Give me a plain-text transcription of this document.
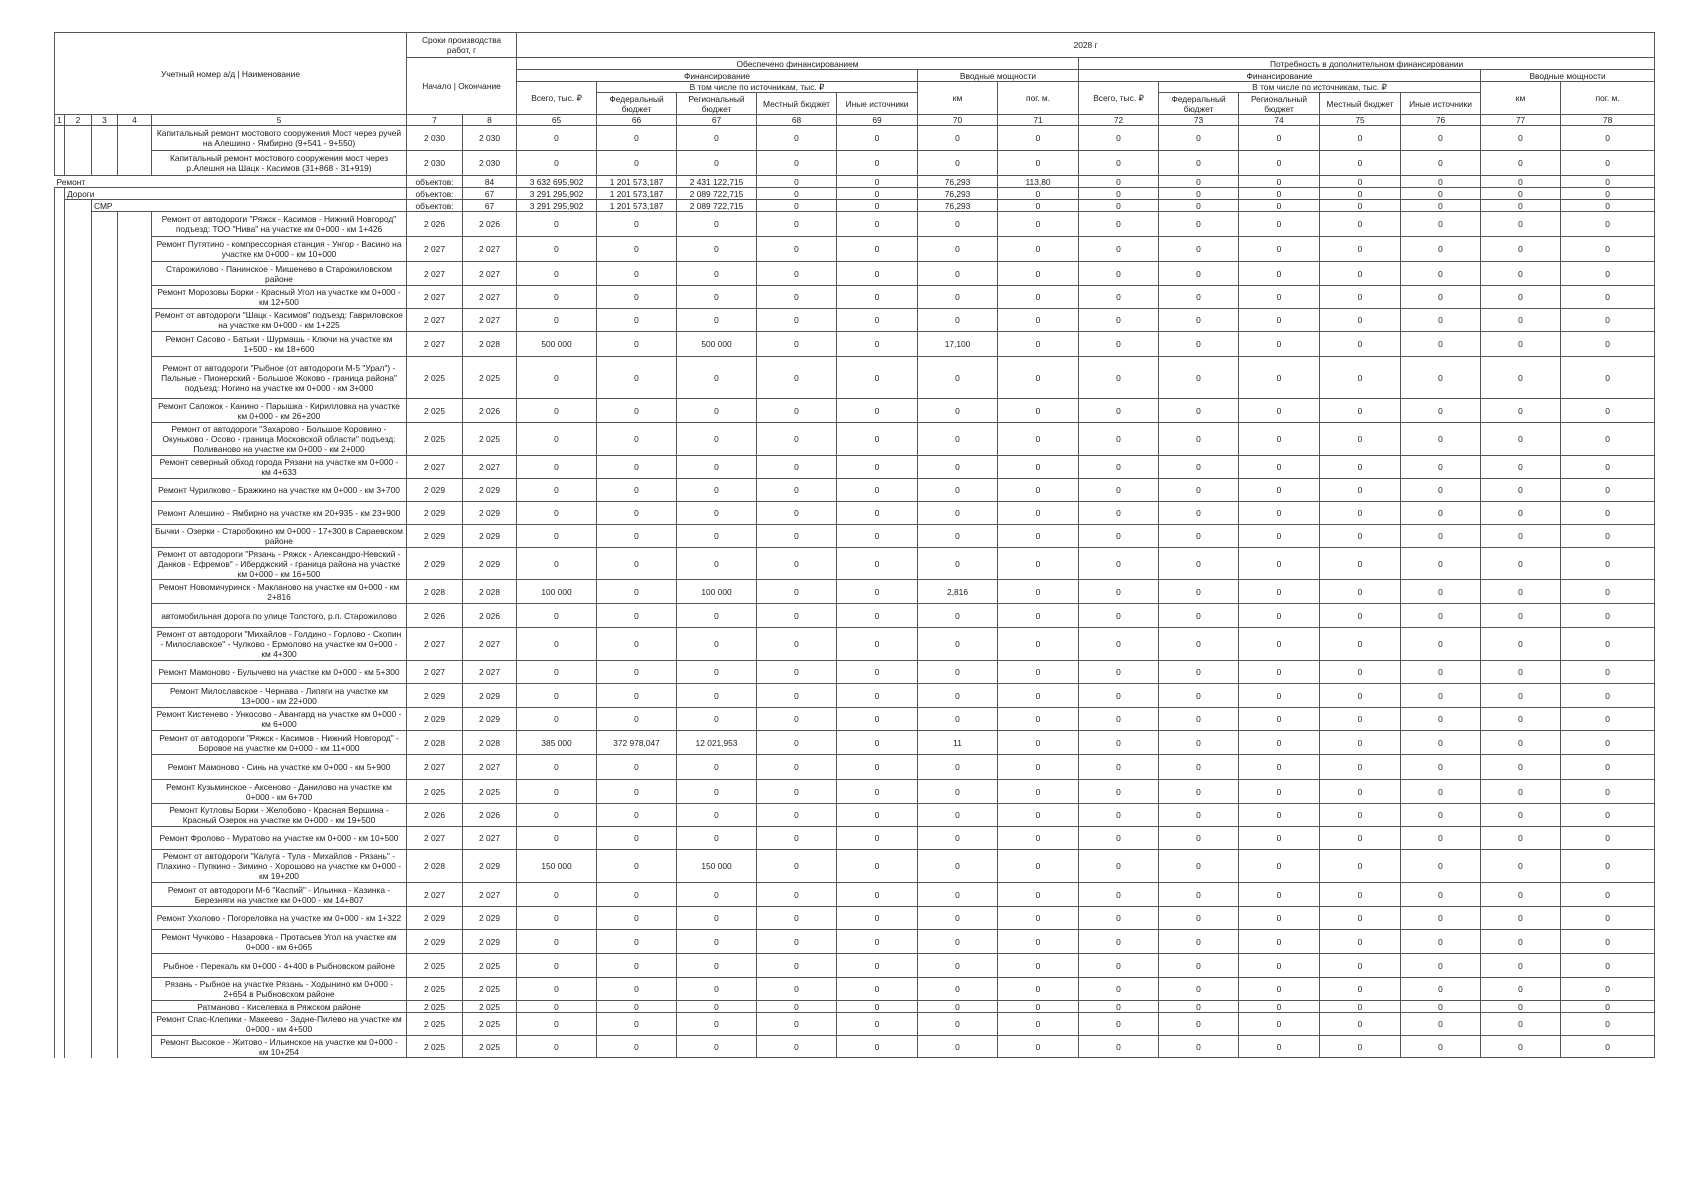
Учетный номер а/д | Наименование					Сроки производства работ, г		2028 г													
					Начало | Окончание		Обеспечено финансированием							Потребность в дополнительном финансировании						
							Финансирование					Вводные мощности		Финансирование					Вводные мощности	
							Всего, тыс. ₽	В том числе по источникам, тыс. ₽				км	пог. м.	Всего, тыс. ₽	В том числе по источникам, тыс. ₽				км	пог. м.
								Федеральный бюджет	Региональный бюджет	Местный бюджет	Иные источники				Федеральный бюджет	Региональный бюджет	Местный бюджет	Иные источники		
1	2	3	4	5	7	8	65	66	67	68	69	70	71	72	73	74	75	76	77	78
				Капитальный ремонт мостового сооружения Мост через ручей на Алешино - Ямбирно (9+541 - 9+550)	2 030	2 030	0	0	0	0	0	0	0	0	0	0	0	0	0	0
				Капитальный ремонт мостового сооружения мост через р.Алешня на Шацк - Касимов (31+868 - 31+919)	2 030	2 030	0	0	0	0	0	0	0	0	0	0	0	0	0	0
Ремонт					объектов:	84	3 632 695,902	1 201 573,187	2 431 122,715	0	0	76,293	113,80	0	0	0	0	0	0	0
	Дороги				объектов:	67	3 291 295,902	1 201 573,187	2 089 722,715	0	0	76,293	0	0	0	0	0	0	0	0
		СМР			объектов:	67	3 291 295,902	1 201 573,187	2 089 722,715	0	0	76,293	0	0	0	0	0	0	0	0
				Ремонт от автодороги "Ряжск - Касимов - Нижний Новгород" подъезд: ТОО "Нива" на участке км 0+000 - км 1+426	2 026	2 026	0	0	0	0	0	0	0	0	0	0	0	0	0	0
				Ремонт Путятино - компрессорная станция - Унгор - Васино на участке км 0+000 - км 10+000	2 027	2 027	0	0	0	0	0	0	0	0	0	0	0	0	0	0
				Старожилово - Панинское - Мишенево в Старожиловском районе	2 027	2 027	0	0	0	0	0	0	0	0	0	0	0	0	0	0
				Ремонт Морозовы Борки - Красный Угол на участке км 0+000 - км 12+500	2 027	2 027	0	0	0	0	0	0	0	0	0	0	0	0	0	0
				Ремонт от автодороги "Шацк - Касимов" подъезд: Гавриловское на участке км 0+000 - км 1+225	2 027	2 027	0	0	0	0	0	0	0	0	0	0	0	0	0	0
				Ремонт Сасово - Батьки - Шурмашь - Ключи на участке км 1+500 - км 18+600	2 027	2 028	500 000	0	500 000	0	0	17,100	0	0	0	0	0	0	0	0
				Ремонт от автодороги "Рыбное (от автодороги М-5 "Урал") - Пальные - Пионерский - Большое Жоково - граница района" подъезд: Ногино на участке км 0+000 - км 3+000	2 025	2 025	0	0	0	0	0	0	0	0	0	0	0	0	0	0
				Ремонт Сапожок - Канино - Парышка - Кирилловка на участке км 0+000 - км 26+200	2 025	2 026	0	0	0	0	0	0	0	0	0	0	0	0	0	0
				Ремонт от автодороги "Захарово - Большое Коровино - Окуньково - Осово - граница Московской области" подъезд: Поливаново на участке км 0+000 - км 2+000	2 025	2 025	0	0	0	0	0	0	0	0	0	0	0	0	0	0
				Ремонт северный обход города Рязани на участке км 0+000 - км 4+633	2 027	2 027	0	0	0	0	0	0	0	0	0	0	0	0	0	0
				Ремонт Чурилково - Бражкино на участке км 0+000 - км 3+700	2 029	2 029	0	0	0	0	0	0	0	0	0	0	0	0	0	0
				Ремонт Алешино - Ямбирно на участке км 20+935 - км 23+900	2 029	2 029	0	0	0	0	0	0	0	0	0	0	0	0	0	0
				Бычки - Озерки - Старобокино км 0+000 - 17+300 в Сараевском районе	2 029	2 029	0	0	0	0	0	0	0	0	0	0	0	0	0	0
				Ремонт от автодороги "Рязань - Ряжск - Александро-Невский - Данков - Ефремов" - Иберджский - граница района на участке км 0+000 - км 16+500	2 029	2 029	0	0	0	0	0	0	0	0	0	0	0	0	0	0
				Ремонт Новомичуринск - Макланово на участке км 0+000 - км 2+816	2 028	2 028	100 000	0	100 000	0	0	2,816	0	0	0	0	0	0	0	0
				автомобильная дорога по улице Толстого, р.п. Старожилово	2 026	2 026	0	0	0	0	0	0	0	0	0	0	0	0	0	0
				Ремонт от автодороги "Михайлов - Голдино - Горлово - Скопин - Милославское" - Чулково - Ермолово на участке км 0+000 - км 4+300	2 027	2 027	0	0	0	0	0	0	0	0	0	0	0	0	0	0
				Ремонт Мамоново - Булычево на участке км 0+000 - км 5+300	2 027	2 027	0	0	0	0	0	0	0	0	0	0	0	0	0	0
				Ремонт Милославское - Чернава - Липяги на участке км 13+000 - км 22+000	2 029	2 029	0	0	0	0	0	0	0	0	0	0	0	0	0	0
				Ремонт Кистенево - Ункосово - Авангард на участке км 0+000 - км 6+000	2 029	2 029	0	0	0	0	0	0	0	0	0	0	0	0	0	0
				Ремонт от автодороги "Ряжск - Касимов - Нижний Новгород" - Боровое на участке км 0+000 - км 11+000	2 028	2 028	385 000	372 978,047	12 021,953	0	0	11	0	0	0	0	0	0	0	0
				Ремонт Мамоново - Синь на участке км 0+000 - км 5+900	2 027	2 027	0	0	0	0	0	0	0	0	0	0	0	0	0	0
				Ремонт Кузьминское - Аксеново - Данилово на участке км 0+000 - км 6+700	2 025	2 025	0	0	0	0	0	0	0	0	0	0	0	0	0	0
				Ремонт Кутловы Борки - Желобово - Красная Вершина - Красный Озерок на участке км 0+000 - км 19+500	2 026	2 026	0	0	0	0	0	0	0	0	0	0	0	0	0	0
				Ремонт Фролово - Муратово на участке км 0+000 - км 10+500	2 027	2 027	0	0	0	0	0	0	0	0	0	0	0	0	0	0
				Ремонт от автодороги "Калуга - Тула - Михайлов - Рязань" - Плахино - Пупкино - Зимино - Хорошово на участке км 0+000 - км 19+200	2 028	2 029	150 000	0	150 000	0	0	0	0	0	0	0	0	0	0	0
				Ремонт от автодороги М-6 "Каспий" - Ильинка - Казинка - Березняги на участке км 0+000 - км 14+807	2 027	2 027	0	0	0	0	0	0	0	0	0	0	0	0	0	0
				Ремонт Ухолово - Погореловка на участке км 0+000 - км 1+322	2 029	2 029	0	0	0	0	0	0	0	0	0	0	0	0	0	0
				Ремонт Чучково - Назаровка - Протасьев Угол на участке км 0+000 - км 6+065	2 029	2 029	0	0	0	0	0	0	0	0	0	0	0	0	0	0
				Рыбное - Перекаль км 0+000 - 4+400 в Рыбновском районе	2 025	2 025	0	0	0	0	0	0	0	0	0	0	0	0	0	0
				Рязань - Рыбное на участке Рязань - Ходынино км 0+000 - 2+654 в Рыбновском районе	2 025	2 025	0	0	0	0	0	0	0	0	0	0	0	0	0	0
				Ратманово - Киселевка в Ряжском районе	2 025	2 025	0	0	0	0	0	0	0	0	0	0	0	0	0	0
				Ремонт Спас-Клепики - Макеево - Задне-Пилево на участке км 0+000 - км 4+500	2 025	2 025	0	0	0	0	0	0	0	0	0	0	0	0	0	0
				Ремонт Высокое - Житово - Ильинское на участке км 0+000 - км 10+254	2 025	2 025	0	0	0	0	0	0	0	0	0	0	0	0	0	0
